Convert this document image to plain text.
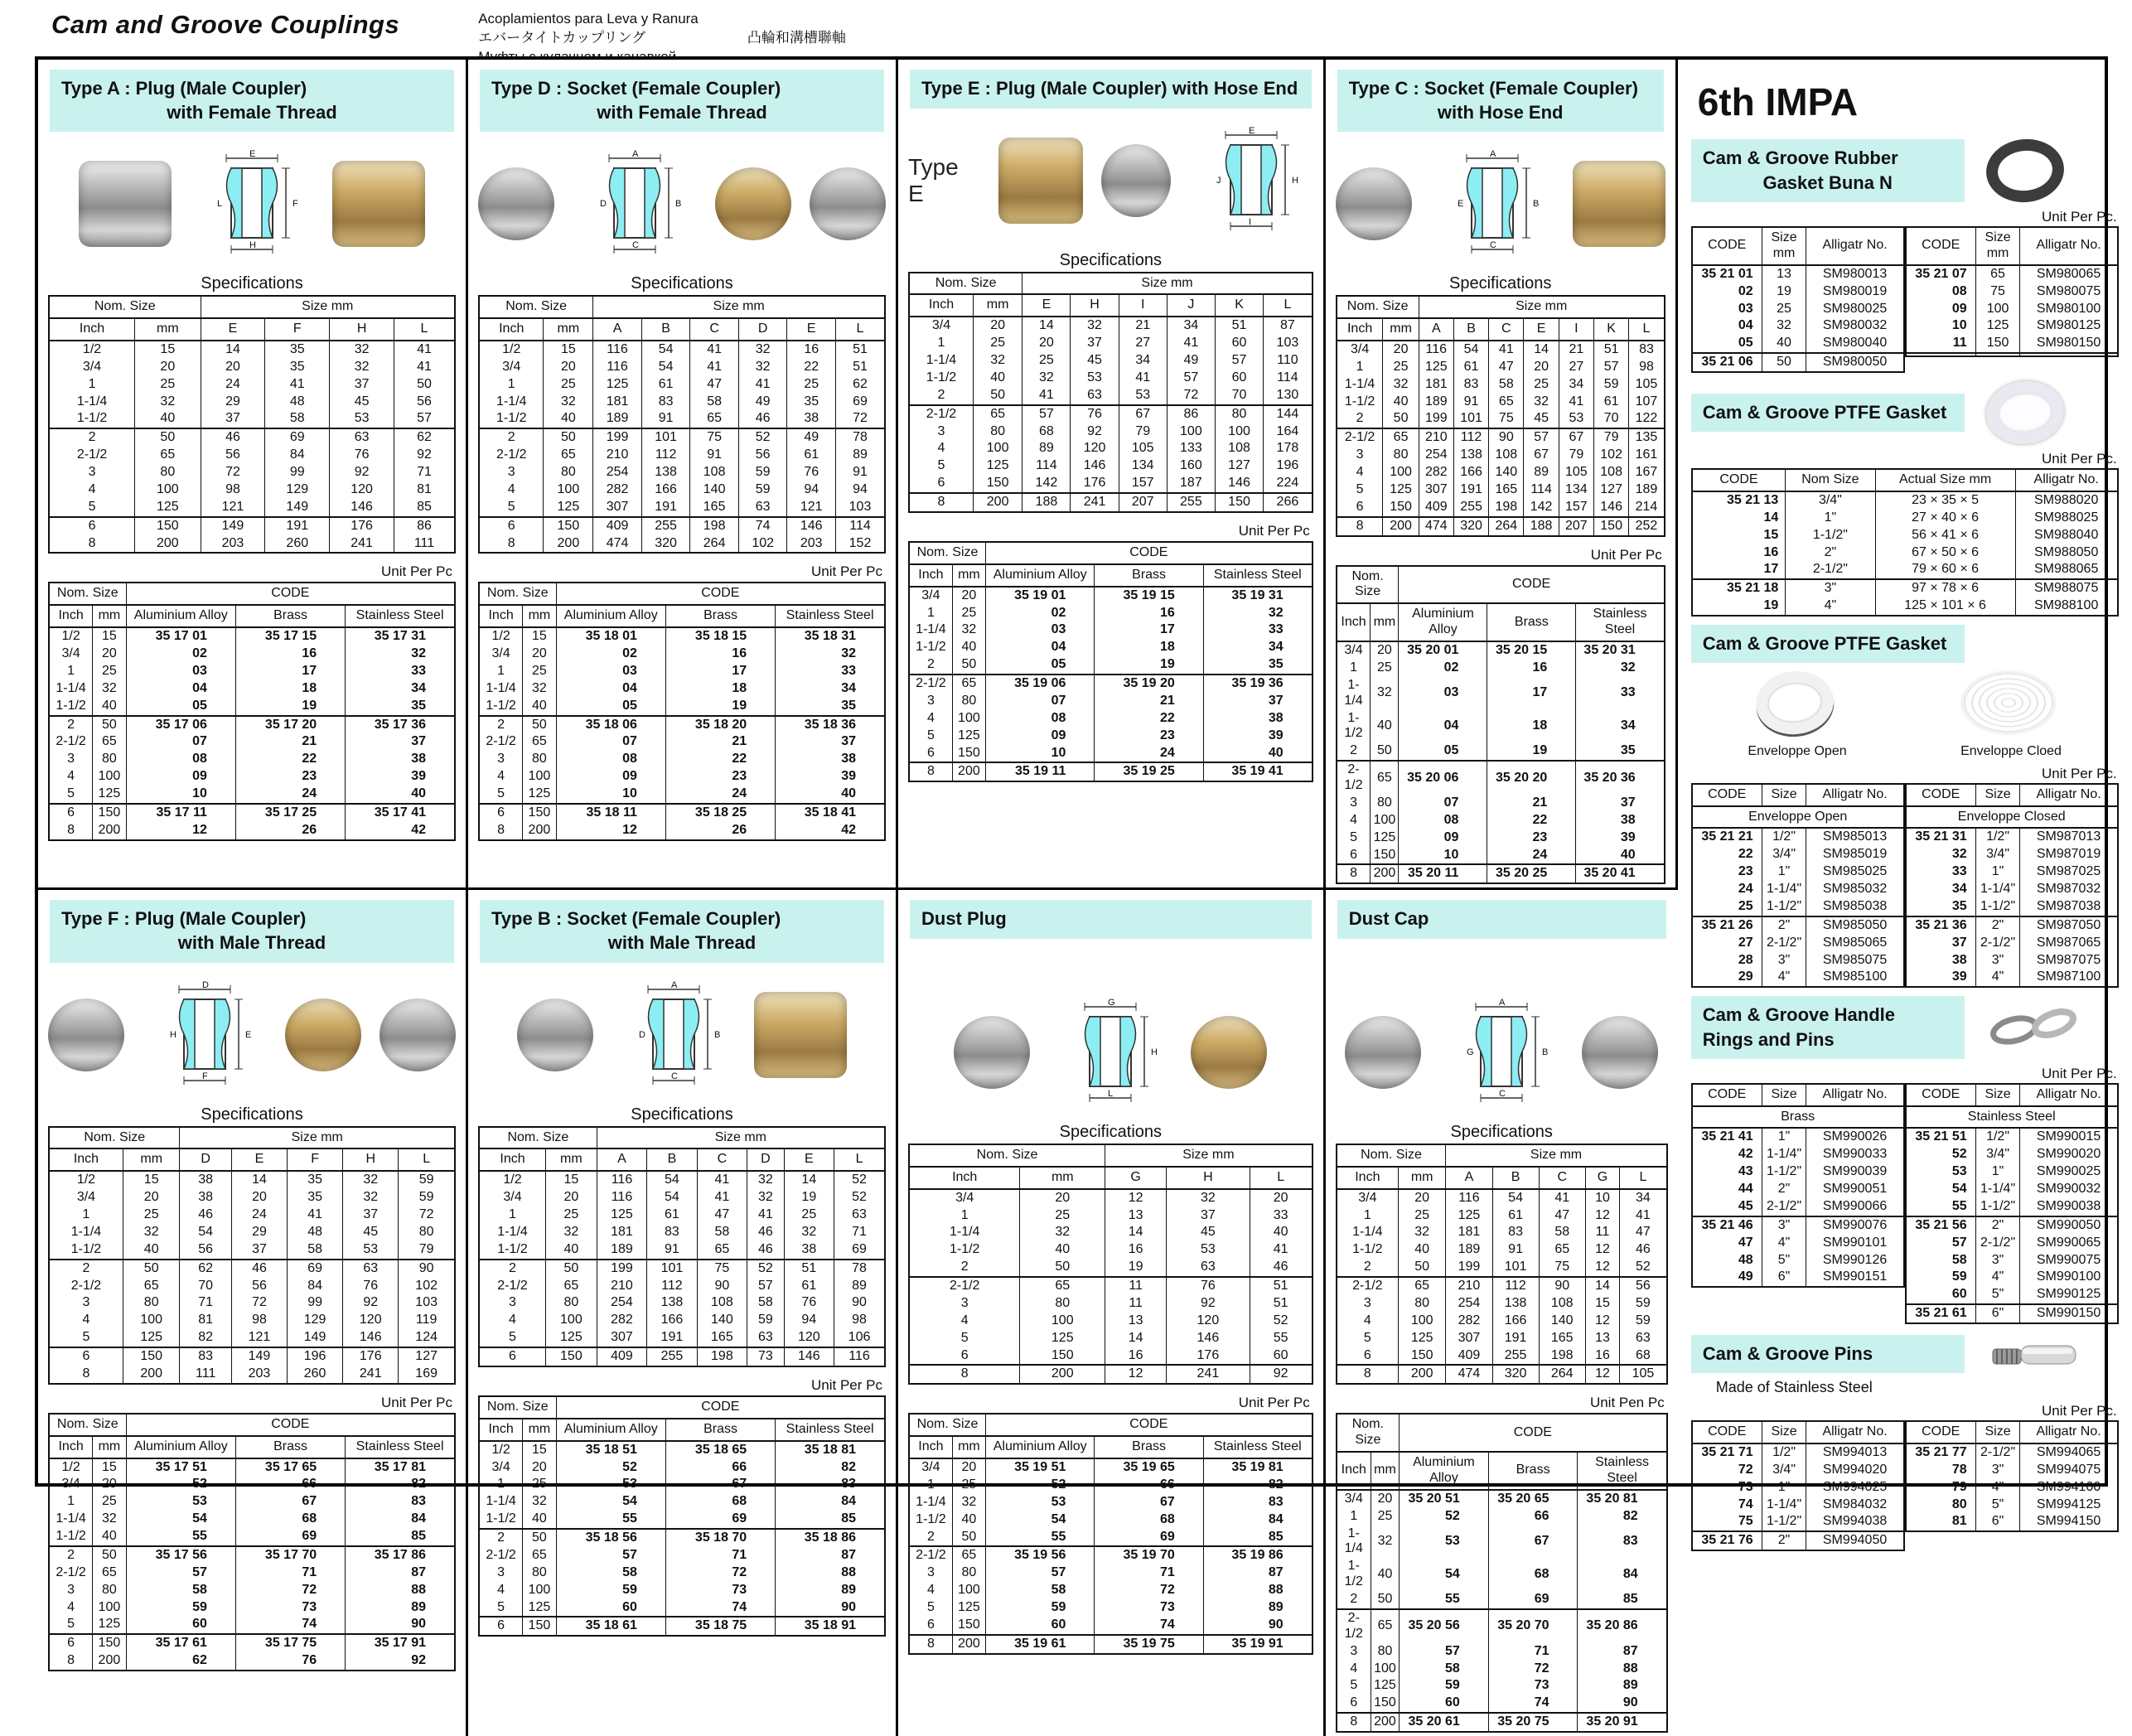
Cam and Groove Couplings	Acoplamientos para Leva y Ranura
エバータイトカップリング	凸輪和溝槽聯軸
Type A : Plug (Male Coupler)
with Female Thread
E
F
H
L
Specifications
Nom. Size		Size mm			
Inch	mm	E	F	H	L
1/2	15	14	35	32	41
3/4	20	20	35	32	41
1	25	24	41	37	50
1-1/4	32	29	48	45	56
1-1/2	40	37	58	53	57
2	50	46	69	63	62
2-1/2	65	56	84	76	92
3	80	72	99	92	71
4	100	98	129	120	81
5	125	121	149	146	85
6	150	149	191	176	86
8	200	203	260	241	111
Unit Per Pc
Nom. Size		CODE		
Inch	mm	Aluminium Alloy	Brass	Stainless Steel
1/2	15	35 17 01	35 17 15	35 17 31
3/4	20	02	16	32
1	25	03	17	33
1-1/4	32	04	18	34
1-1/2	40	05	19	35
2	50	35 17 06	35 17 20	35 17 36
2-1/2	65	07	21	37
3	80	08	22	38
4	100	09	23	39
5	125	10	24	40
6	150	35 17 11	35 17 25	35 17 41
8	200	12	26	42
Type D : Socket (Female Coupler)
with Female Thread
A
B
C
D
Specifications
Nom. Size		Size mm					
Inch	mm	A	B	C	D	E	L
1/2	15	116	54	41	32	16	51
3/4	20	116	54	41	32	22	51
1	25	125	61	47	41	25	62
1-1/4	32	181	83	58	49	35	69
1-1/2	40	189	91	65	46	38	72
2	50	199	101	75	52	49	78
2-1/2	65	210	112	91	56	61	89
3	80	254	138	108	59	76	91
4	100	282	166	140	59	94	94
5	125	307	191	165	63	121	103
6	150	409	255	198	74	146	114
8	200	474	320	264	102	203	152
Unit Per Pc
Nom. Size		CODE		
Inch	mm	Aluminium Alloy	Brass	Stainless Steel
1/2	15	35 18 01	35 18 15	35 18 31
3/4	20	02	16	32
1	25	03	17	33
1-1/4	32	04	18	34
1-1/2	40	05	19	35
2	50	35 18 06	35 18 20	35 18 36
2-1/2	65	07	21	37
3	80	08	22	38
4	100	09	23	39
5	125	10	24	40
6	150	35 18 11	35 18 25	35 18 41
8	200	12	26	42
Type E : Plug (Male Coupler) with Hose End
Type E
E
H
I
J
Specifications
Nom. Size		Size mm					
Inch	mm	E	H	I	J	K	L
3/4	20	14	32	21	34	51	87
1	25	20	37	27	41	60	103
1-1/4	32	25	45	34	49	57	110
1-1/2	40	32	53	41	57	60	114
2	50	41	63	53	72	70	130
2-1/2	65	57	76	67	86	80	144
3	80	68	92	79	100	100	164
4	100	89	120	105	133	108	178
5	125	114	146	134	160	127	196
6	150	142	176	157	187	146	224
8	200	188	241	207	255	150	266
Unit Per Pc
Nom. Size		CODE		
Inch	mm	Aluminium Alloy	Brass	Stainless Steel
3/4	20	35 19 01	35 19 15	35 19 31
1	25	02	16	32
1-1/4	32	03	17	33
1-1/2	40	04	18	34
2	50	05	19	35
2-1/2	65	35 19 06	35 19 20	35 19 36
3	80	07	21	37
4	100	08	22	38
5	125	09	23	39
6	150	10	24	40
8	200	35 19 11	35 19 25	35 19 41
Type C : Socket (Female Coupler)
with Hose End
A
B
C
E
Specifications
Nom. Size		Size mm						
Inch	mm	A	B	C	E	I	K	L
3/4	20	116	54	41	14	21	51	83
1	25	125	61	47	20	27	57	98
1-1/4	32	181	83	58	25	34	59	105
1-1/2	40	189	91	65	32	41	61	107
2	50	199	101	75	45	53	70	122
2-1/2	65	210	112	90	57	67	79	135
3	80	254	138	108	67	79	102	161
4	100	282	166	140	89	105	108	167
5	125	307	191	165	114	134	127	189
6	150	409	255	198	142	157	146	214
8	200	474	320	264	188	207	150	252
Unit Per Pc
Nom. Size		CODE		
Inch	mm	Aluminium Alloy	Brass	Stainless Steel
3/4	20	35 20 01	35 20 15	35 20 31
1	25	02	16	32
1-1/4	32	03	17	33
1-1/2	40	04	18	34
2	50	05	19	35
2-1/2	65	35 20 06	35 20 20	35 20 36
3	80	07	21	37
4	100	08	22	38
5	125	09	23	39
6	150	10	24	40
8	200	35 20 11	35 20 25	35 20 41
6th IMPA
Cam & Groove Rubber
Gasket Buna N
Unit Per Pc.
CODE	Size mm	Alligatr No.
35 21 01	13	SM980013
02	19	SM980019
03	25	SM980025
04	32	SM980032
05	40	SM980040
35 21 06	50	SM980050
CODE	Size mm	Alligatr No.
35 21 07	65	SM980065
08	75	SM980075
09	100	SM980100
10	125	SM980125
11	150	SM980150

Cam & Groove PTFE Gasket
Unit Per Pc.
CODE	Nom Size	Actual Size mm	Alligatr No.
35 21 13	3/4"	23 × 35 × 5	SM988020
14	1"	27 × 40 × 6	SM988025
15	1-1/2"	56 × 41 × 6	SM988040
16	2"	67 × 50 × 6	SM988050
17	2-1/2"	79 × 60 × 6	SM988065
35 21 18	3"	97 × 78 × 6	SM988075
19	4"	125 × 101 × 6	SM988100
Cam & Groove PTFE Gasket
Enveloppe Open	Enveloppe Cloed
Unit Per Pc.
CODE	Size	Alligatr No.
Enveloppe Open		
35 21 21	1/2"	SM985013
22	3/4"	SM985019
23	1"	SM985025
24	1-1/4"	SM985032
25	1-1/2"	SM985038
35 21 26	2"	SM985050
27	2-1/2"	SM985065
28	3"	SM985075
29	4"	SM985100
CODE	Size	Alligatr No.
Enveloppe Closed		
35 21 31	1/2"	SM987013
32	3/4"	SM987019
33	1"	SM987025
34	1-1/4"	SM987032
35	1-1/2"	SM987038
35 21 36	2"	SM987050
37	2-1/2"	SM987065
38	3"	SM987075
39	4"	SM987100
Cam & Groove Handle
Rings and Pins
Unit Per Pc.
CODE	Size	Alligatr No.
Brass		
35 21 41	1"	SM990026
42	1-1/4"	SM990033
43	1-1/2"	SM990039
44	2"	SM990051
45	2-1/2"	SM990066
35 21 46	3"	SM990076
47	4"	SM990101
48	5"	SM990126
49	6"	SM990151
CODE	Size	Alligatr No.
Stainless Steel		
35 21 51	1/2"	SM990015
52	3/4"	SM990020
53	1"	SM990025
54	1-1/4"	SM990032
55	1-1/2"	SM990038
35 21 56	2"	SM990050
57	2-1/2"	SM990065
58	3"	SM990075
59	4"	SM990100
60	5"	SM990125
35 21 61	6"	SM990150
Cam & Groove Pins
Made of Stainless Steel
Unit Per Pc.
CODE	Size	Alligatr No.
35 21 71	1/2"	SM994013
72	3/4"	SM994020
73	1"	SM994025
74	1-1/4"	SM984032
75	1-1/2"	SM994038
35 21 76	2"	SM994050
CODE	Size	Alligatr No.
35 21 77	2-1/2"	SM994065
78	3"	SM994075
79	4"	SM994100
80	5"	SM994125
81	6"	SM994150
Type F : Plug (Male Coupler)
with Male Thread
D
E
F
H
Specifications
Nom. Size		Size mm				
Inch	mm	D	E	F	H	L
1/2	15	38	14	35	32	59
3/4	20	38	20	35	32	59
1	25	46	24	41	37	72
1-1/4	32	54	29	48	45	80
1-1/2	40	56	37	58	53	79
2	50	62	46	69	63	90
2-1/2	65	70	56	84	76	102
3	80	71	72	99	92	103
4	100	81	98	129	120	119
5	125	82	121	149	146	124
6	150	83	149	196	176	127
8	200	111	203	260	241	169
Unit Per Pc
Nom. Size		CODE		
Inch	mm	Aluminium Alloy	Brass	Stainless Steel
1/2	15	35 17 51	35 17 65	35 17 81
3/4	20	52	66	82
1	25	53	67	83
1-1/4	32	54	68	84
1-1/2	40	55	69	85
2	50	35 17 56	35 17 70	35 17 86
2-1/2	65	57	71	87
3	80	58	72	88
4	100	59	73	89
5	125	60	74	90
6	150	35 17 61	35 17 75	35 17 91
8	200	62	76	92
Type B : Socket (Female Coupler)
with Male Thread
A
B
C
D
Specifications
Nom. Size		Size mm					
Inch	mm	A	B	C	D	E	L
1/2	15	116	54	41	32	14	52
3/4	20	116	54	41	32	19	52
1	25	125	61	47	41	25	63
1-1/4	32	181	83	58	46	32	71
1-1/2	40	189	91	65	46	38	69
2	50	199	101	75	52	51	78
2-1/2	65	210	112	90	57	61	89
3	80	254	138	108	58	76	90
4	100	282	166	140	59	94	98
5	125	307	191	165	63	120	106
6	150	409	255	198	73	146	116
Unit Per Pc
Nom. Size		CODE		
Inch	mm	Aluminium Alloy	Brass	Stainless Steel
1/2	15	35 18 51	35 18 65	35 18 81
3/4	20	52	66	82
1	25	53	67	83
1-1/4	32	54	68	84
1-1/2	40	55	69	85
2	50	35 18 56	35 18 70	35 18 86
2-1/2	65	57	71	87
3	80	58	72	88
4	100	59	73	89
5	125	60	74	90
6	150	35 18 61	35 18 75	35 18 91
Dust Plug
G
H
L
Specifications
Nom. Size		Size mm		
Inch	mm	G	H	L
3/4	20	12	32	20
1	25	13	37	33
1-1/4	32	14	45	40
1-1/2	40	16	53	41
2	50	19	63	46
2-1/2	65	11	76	51
3	80	11	92	51
4	100	13	120	52
5	125	14	146	55
6	150	16	176	60
8	200	12	241	92
Unit Per Pc
Nom. Size		CODE		
Inch	mm	Aluminium Alloy	Brass	Stainless Steel
3/4	20	35 19 51	35 19 65	35 19 81
1	25	52	66	82
1-1/4	32	53	67	83
1-1/2	40	54	68	84
2	50	55	69	85
2-1/2	65	35 19 56	35 19 70	35 19 86
3	80	57	71	87
4	100	58	72	88
5	125	59	73	89
6	150	60	74	90
8	200	35 19 61	35 19 75	35 19 91
Dust Cap
A
B
C
G
Specifications
Nom. Size		Size mm				
Inch	mm	A	B	C	G	L
3/4	20	116	54	41	10	34
1	25	125	61	47	12	41
1-1/4	32	181	83	58	11	47
1-1/2	40	189	91	65	12	46
2	50	199	101	75	12	52
2-1/2	65	210	112	90	14	56
3	80	254	138	108	15	59
4	100	282	166	140	12	59
5	125	307	191	165	13	63
6	150	409	255	198	16	68
8	200	474	320	264	12	105
Unit Pen Pc
Nom. Size		CODE		
Inch	mm	Aluminium Alloy	Brass	Stainless Steel
3/4	20	35 20 51	35 20 65	35 20 81
1	25	52	66	82
1-1/4	32	53	67	83
1-1/2	40	54	68	84
2	50	55	69	85
2-1/2	65	35 20 56	35 20 70	35 20 86
3	80	57	71	87
4	100	58	72	88
5	125	59	73	89
6	150	60	74	90
8	200	35 20 61	35 20 75	35 20 91
